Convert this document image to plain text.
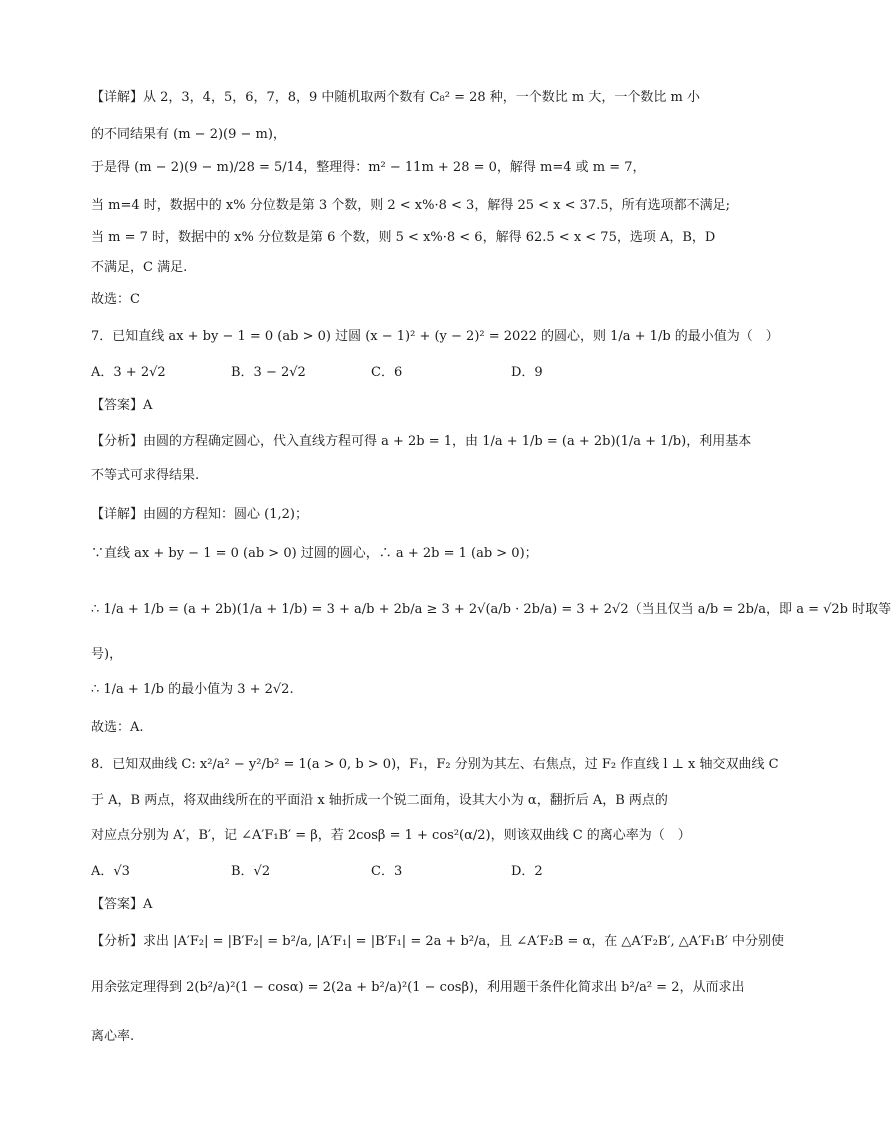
【详解】从 2，3，4，5，6，7，8，9 中随机取两个数有 C₈² = 28 种，一个数比 m 大，一个数比 m 小
的不同结果有 (m − 2)(9 − m)，
于是得 (m − 2)(9 − m)/28 = 5/14，整理得：m² − 11m + 28 = 0，解得 m=4 或 m = 7，
当 m=4 时，数据中的 x% 分位数是第 3 个数，则 2 < x%·8 < 3，解得 25 < x < 37.5，所有选项都不满足;
当 m = 7 时，数据中的 x% 分位数是第 6 个数，则 5 < x%·8 < 6，解得 62.5 < x < 75，选项 A，B，D
不满足，C 满足.
故选：C
7．已知直线 ax + by − 1 = 0 (ab > 0) 过圆 (x − 1)² + (y − 2)² = 2022 的圆心，则 1/a + 1/b 的最小值为（　）
A．3 + 2√2	B．3 − 2√2	C．6	D．9
【答案】A
【分析】由圆的方程确定圆心，代入直线方程可得 a + 2b = 1，由 1/a + 1/b = (a + 2b)(1/a + 1/b)，利用基本
不等式可求得结果.
【详解】由圆的方程知：圆心 (1,2)；
∵直线 ax + by − 1 = 0 (ab > 0) 过圆的圆心，∴ a + 2b = 1 (ab > 0)；
∴ 1/a + 1/b = (a + 2b)(1/a + 1/b) = 3 + a/b + 2b/a ≥ 3 + 2√(a/b · 2b/a) = 3 + 2√2（当且仅当 a/b = 2b/a，即 a = √2b 时取等
号)，
∴ 1/a + 1/b 的最小值为 3 + 2√2.
故选：A.
8．已知双曲线 C: x²/a² − y²/b² = 1(a > 0, b > 0)，F₁，F₂ 分别为其左、右焦点，过 F₂ 作直线 l ⊥ x 轴交双曲线 C
于 A，B 两点，将双曲线所在的平面沿 x 轴折成一个锐二面角，设其大小为 α，翻折后 A，B 两点的
对应点分别为 A′，B′，记 ∠A′F₁B′ = β，若 2cosβ = 1 + cos²(α/2)，则该双曲线 C 的离心率为（　）
A．√3	B．√2	C．3	D．2
【答案】A
【分析】求出 |A′F₂| = |B′F₂| = b²/a, |A′F₁| = |B′F₁| = 2a + b²/a，且 ∠A′F₂B = α，在 △A′F₂B′, △A′F₁B′ 中分别使
用余弦定理得到 2(b²/a)²(1 − cosα) = 2(2a + b²/a)²(1 − cosβ)，利用题干条件化简求出 b²/a² = 2，从而求出
离心率.
